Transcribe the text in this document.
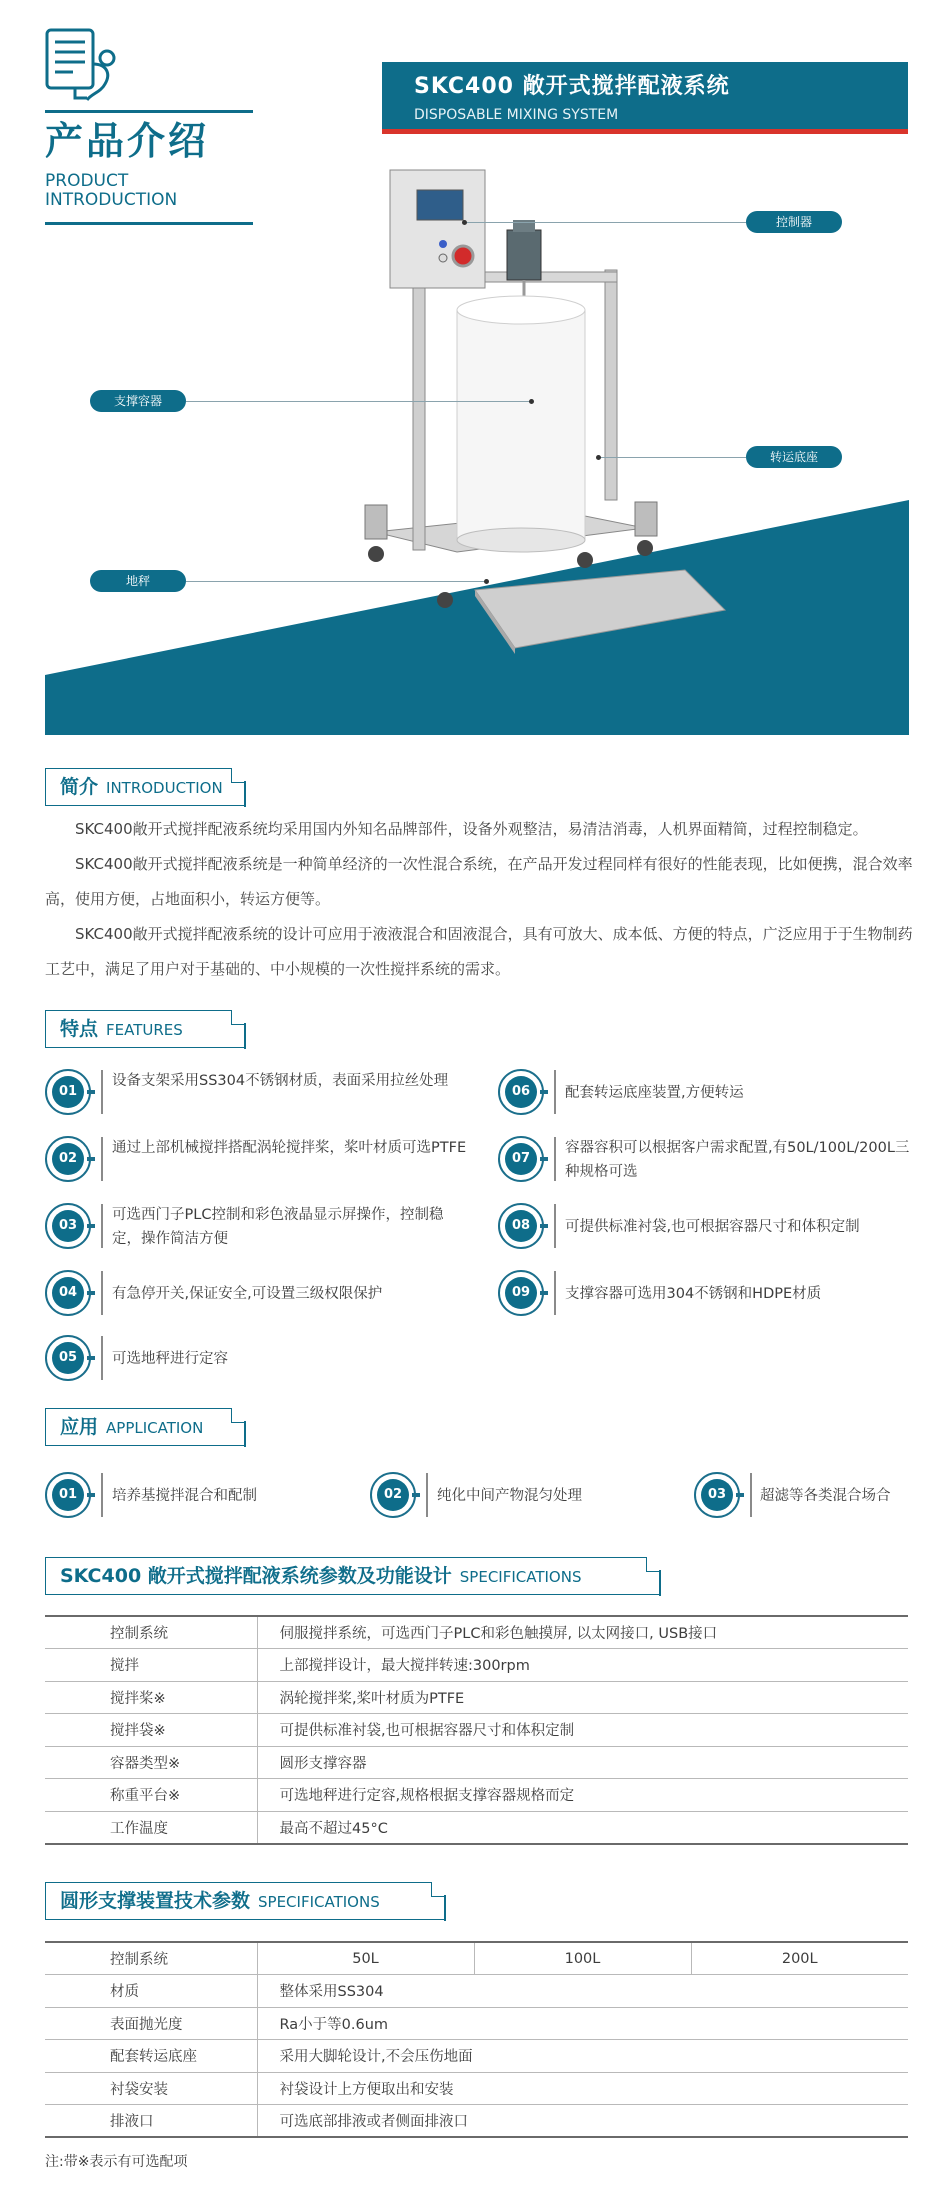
产品介绍
PRODUCT
INTRODUCTION
SKC400 敞开式搅拌配液系统
DISPOSABLE MIXING SYSTEM
控制器
支撑容器
转运底座
地秤
简介 INTRODUCTION
SKC400敞开式搅拌配液系统均采用国内外知名品牌部件，设备外观整洁，易清洁消毒，人机界面精简，过程控制稳定。
SKC400敞开式搅拌配液系统是一种简单经济的一次性混合系统，在产品开发过程同样有很好的性能表现，比如便携，混合效率高，使用方便，占地面积小，转运方便等。
SKC400敞开式搅拌配液系统的设计可应用于液液混合和固液混合，具有可放大、成本低、方便的特点，广泛应用于于生物制药工艺中，满足了用户对于基础的、中小规模的一次性搅拌系统的需求。
特点 FEATURES
01
设备支架采用SS304不锈钢材质，表面采用拉丝处理
02
通过上部机械搅拌搭配涡轮搅拌桨，桨叶材质可选PTFE
03
可选西门子PLC控制和彩色液晶显示屏操作，控制稳定，操作简洁方便
04	有急停开关,保证安全,可设置三级权限保护
05	可选地秤进行定容
06	配套转运底座装置,方便转运
07
容器容积可以根据客户需求配置,有50L/100L/200L三种规格可选
08	可提供标准衬袋,也可根据容器尺寸和体积定制
09	支撑容器可选用304不锈钢和HDPE材质
应用 APPLICATION
01	培养基搅拌混合和配制	02	纯化中间产物混匀处理	03	超滤等各类混合场合
SKC400 敞开式搅拌配液系统参数及功能设计 SPECIFICATIONS
控制系统	伺服搅拌系统，可选西门子PLC和彩色触摸屏, 以太网接口, USB接口
搅拌	上部搅拌设计，最大搅拌转速:300rpm
搅拌桨※	涡轮搅拌桨,桨叶材质为PTFE
搅拌袋※	可提供标准衬袋,也可根据容器尺寸和体积定制
容器类型※	圆形支撑容器
称重平台※	可选地秤进行定容,规格根据支撑容器规格而定
工作温度	最高不超过45°C
圆形支撑装置技术参数 SPECIFICATIONS
控制系统	50L	100L	200L
材质	整体采用SS304		
表面抛光度	Ra小于等0.6um		
配套转运底座	采用大脚轮设计,不会压伤地面		
衬袋安装	衬袋设计上方便取出和安装		
排液口	可选底部排液或者侧面排液口		
注:带※表示有可选配项
